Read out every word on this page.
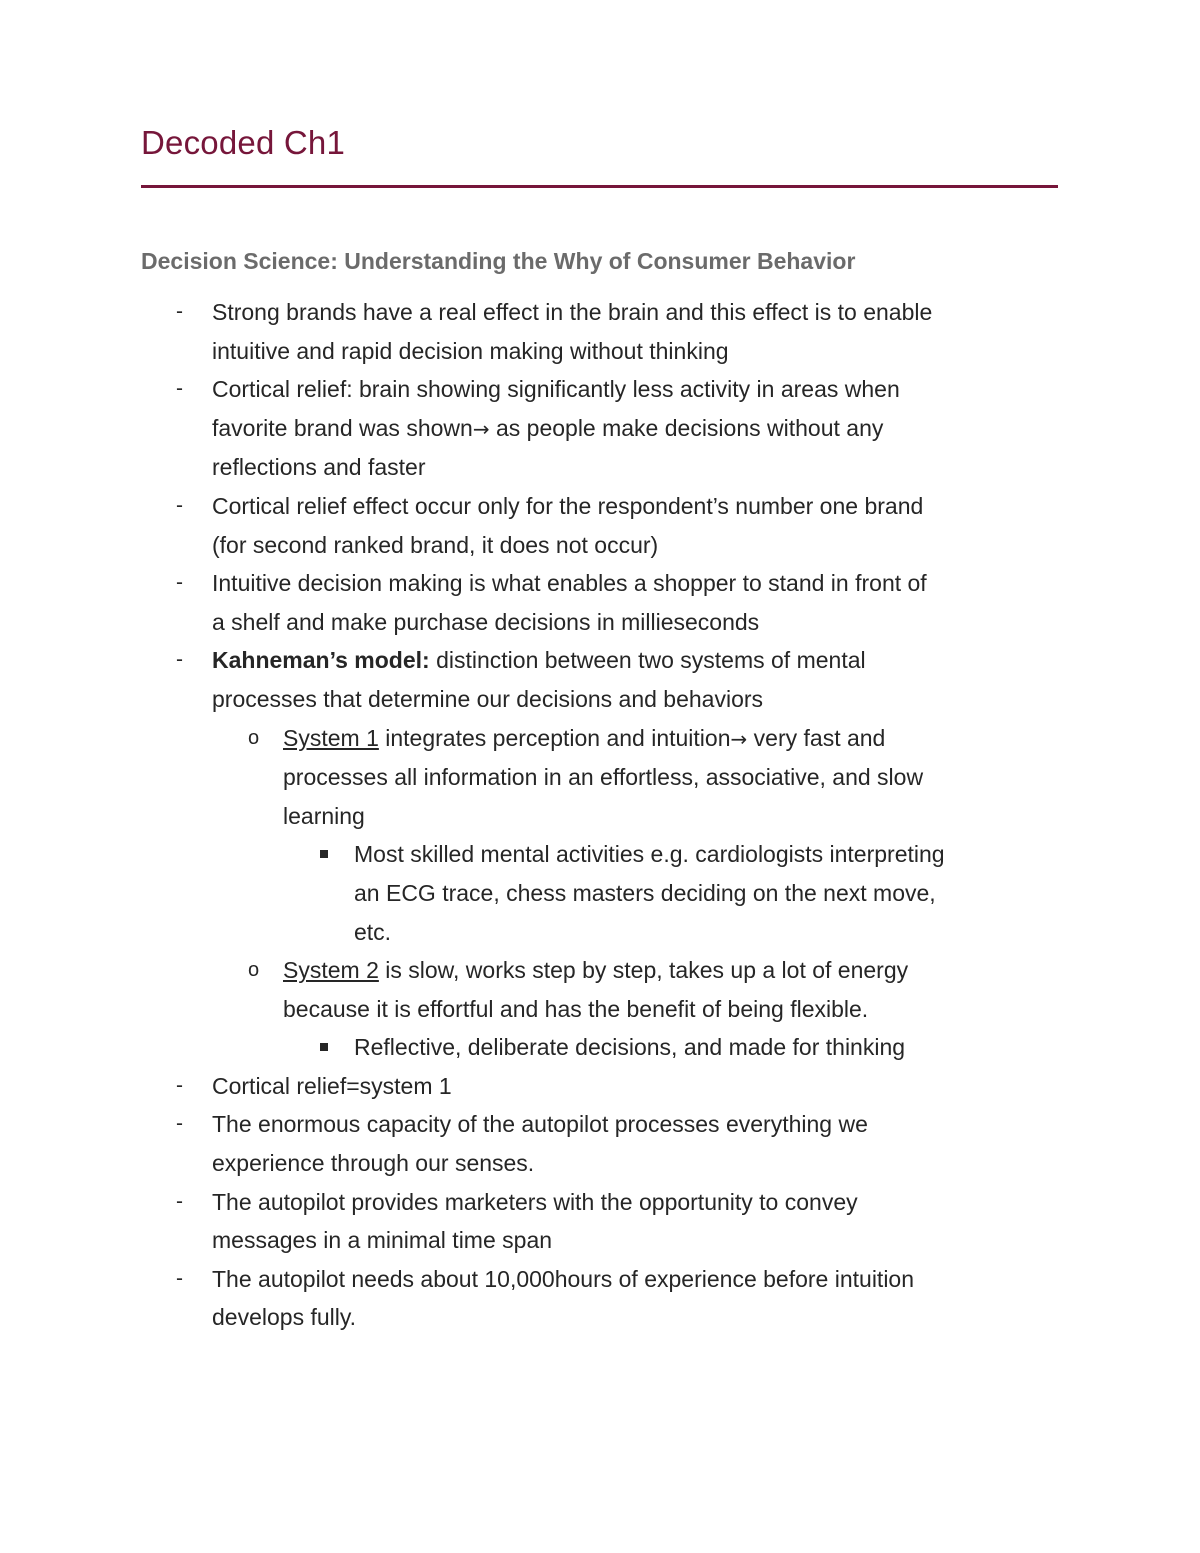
Decoded Ch1
Decision Science: Understanding the Why of Consumer Behavior
- Strong brands have a real effect in the brain and this effect is to enable
intuitive and rapid decision making without thinking
- Cortical relief: brain showing significantly less activity in areas when
favorite brand was shown→ as people make decisions without any
reflections and faster
- Cortical relief effect occur only for the respondent’s number one brand
(for second ranked brand, it does not occur)
- Intuitive decision making is what enables a shopper to stand in front of
a shelf and make purchase decisions in millieseconds
- Kahneman’s model: distinction between two systems of mental
processes that determine our decisions and behaviors
o System 1 integrates perception and intuition→ very fast and
processes all information in an effortless, associative, and slow
learning
Most skilled mental activities e.g. cardiologists interpreting
an ECG trace, chess masters deciding on the next move,
etc.
o System 2 is slow, works step by step, takes up a lot of energy
because it is effortful and has the benefit of being flexible.
Reflective, deliberate decisions, and made for thinking
- Cortical relief=system 1
- The enormous capacity of the autopilot processes everything we
experience through our senses.
- The autopilot provides marketers with the opportunity to convey
messages in a minimal time span
- The autopilot needs about 10,000hours of experience before intuition
develops fully.
